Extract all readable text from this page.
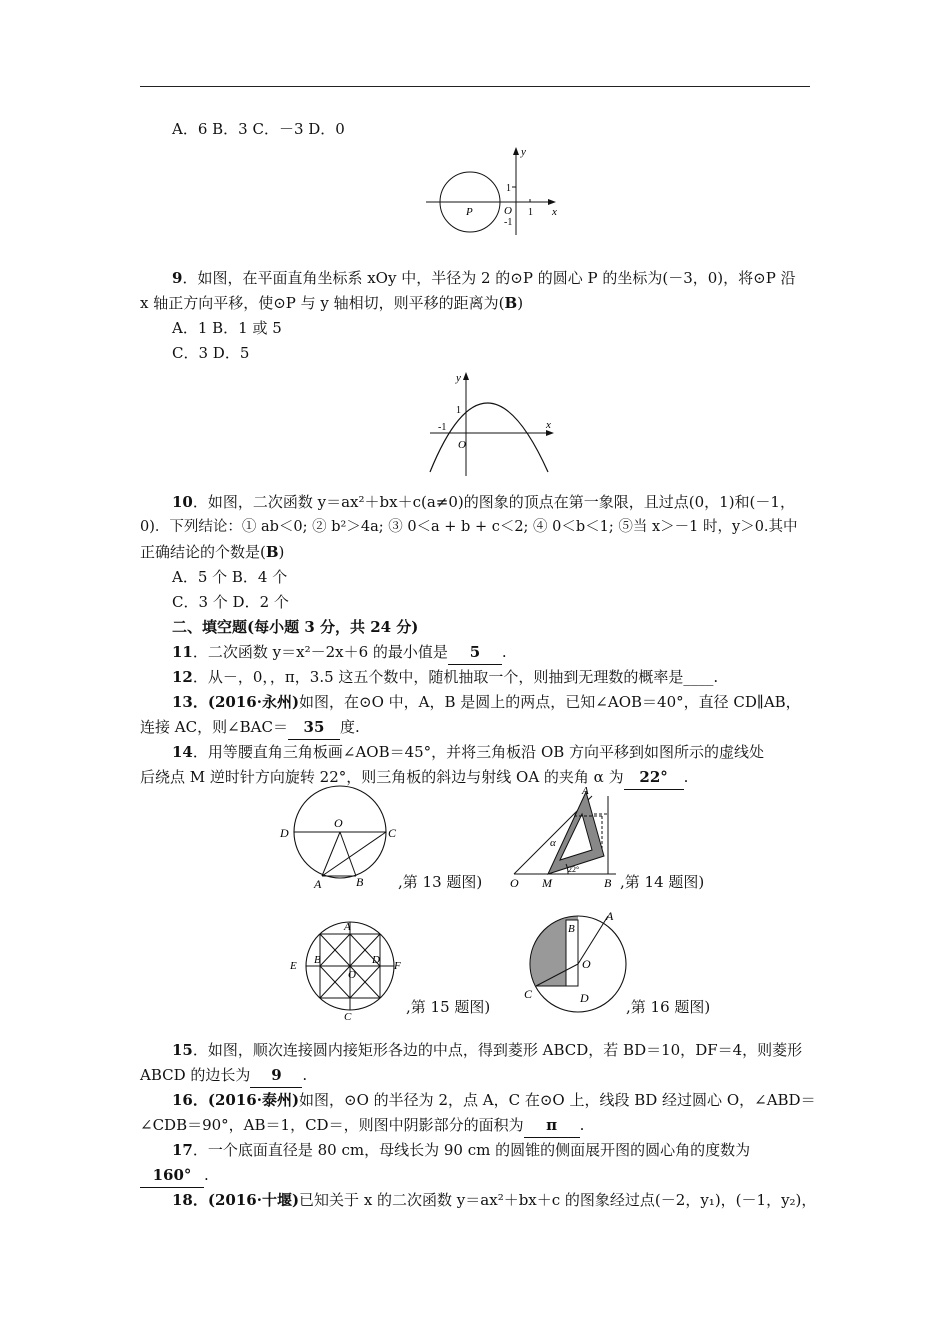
A．6 B．3 C．－3 D．0
y
x
O
1
-1
1
P
9．如图，在平面直角坐标系 xOy 中，半径为 2 的⊙P 的圆心 P 的坐标为(－3，0)，将⊙P 沿
x 轴正方向平移，使⊙P 与 y 轴相切，则平移的距离为(B)
A．1 B．1 或 5
C．3 D．5
y
x
O
1
-1
10．如图，二次函数 y＝ax²＋bx＋c(a≠0)的图象的顶点在第一象限，且过点(0，1)和(－1，
0)．下列结论：① ab＜0; ② b²＞4a; ③ 0＜a + b + c＜2; ④ 0＜b＜1; ⑤当 x＞－1 时，y＞0.其中
正确结论的个数是(B)
A．5 个 B．4 个
C．3 个 D．2 个
二、填空题(每小题 3 分，共 24 分)
11．二次函数 y＝x²－2x＋6 的最小值是 5 .
12．从－，0，，π，3.5 这五个数中，随机抽取一个，则抽到无理数的概率是____.
13．(2016·永州)如图，在⊙O 中，A，B 是圆上的两点，已知∠AOB＝40°，直径 CD∥AB，
连接 AC，则∠BAC＝ 35 度.
14．用等腰直角三角板画∠AOB＝45°，并将三角板沿 OB 方向平移到如图所示的虚线处
后绕点 M 逆时针方向旋转 22°，则三角板的斜边与射线 OA 的夹角 α 为 22° .
D
O
C
A	B ,第 13 题图)
A
α
O M	B
22°
,第 14 题图)
A
E B
O
D F
C
,第 15 题图)
A
B
O
C	D ,第 16 题图)
15．如图，顺次连接圆内接矩形各边的中点，得到菱形 ABCD，若 BD＝10，DF＝4，则菱形
ABCD 的边长为 9 .
16．(2016·泰州)如图，⊙O 的半径为 2，点 A，C 在⊙O 上，线段 BD 经过圆心 O，∠ABD＝
∠CDB＝90°，AB＝1，CD＝，则图中阴影部分的面积为 π .
17．一个底面直径是 80 cm，母线长为 90 cm 的圆锥的侧面展开图的圆心角的度数为
160° .
18．(2016·十堰)已知关于 x 的二次函数 y＝ax²＋bx＋c 的图象经过点(－2，y₁)，(－1，y₂)，
